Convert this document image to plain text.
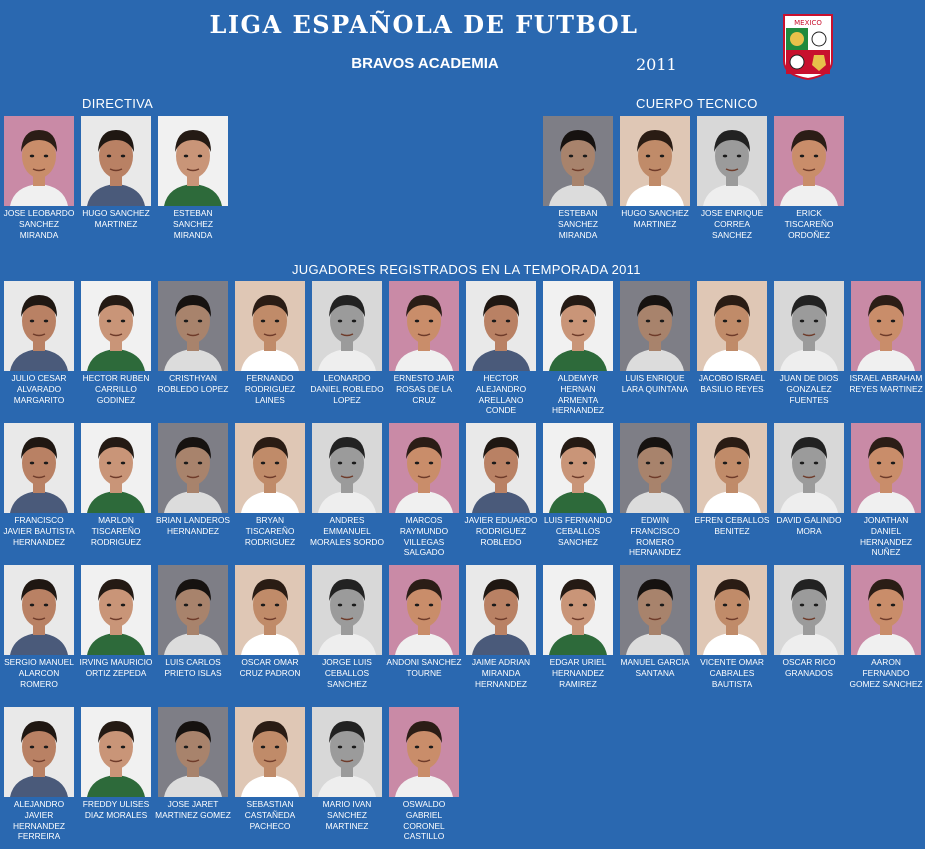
LIGA ESPAÑOLA DE FUTBOL
BRAVOS ACADEMIA	2011
MEXICO
DIRECTIVA	CUERPO TECNICO
JUGADORES REGISTRADOS EN LA TEMPORADA 2011
JOSE LEOBARDO SANCHEZ MIRANDA
HUGO SANCHEZ MARTINEZ
ESTEBAN SANCHEZ MIRANDA
ESTEBAN SANCHEZ MIRANDA
HUGO SANCHEZ MARTINEZ
JOSE ENRIQUE CORREA SANCHEZ
ERICK TISCAREÑO ORDOÑEZ
JULIO CESAR ALVARADO MARGARITO
HECTOR RUBEN CARRILLO GODINEZ
CRISTHYAN ROBLEDO LOPEZ
FERNANDO RODRIGUEZ LAINES
LEONARDO DANIEL ROBLEDO LOPEZ
ERNESTO JAIR ROSAS DE LA CRUZ
HECTOR ALEJANDRO ARELLANO CONDE
ALDEMYR HERNAN ARMENTA HERNANDEZ
LUIS ENRIQUE LARA QUINTANA
JACOBO ISRAEL BASILIO REYES
JUAN DE DIOS GONZALEZ FUENTES
ISRAEL ABRAHAM REYES MARTINEZ
FRANCISCO JAVIER BAUTISTA HERNANDEZ
MARLON TISCAREÑO RODRIGUEZ
BRIAN LANDEROS HERNANDEZ
BRYAN TISCAREÑO RODRIGUEZ
ANDRES EMMANUEL MORALES SORDO
MARCOS RAYMUNDO VILLEGAS SALGADO
JAVIER EDUARDO RODRIGUEZ ROBLEDO
LUIS FERNANDO CEBALLOS SANCHEZ
EDWIN FRANCISCO ROMERO HERNANDEZ
EFREN CEBALLOS BENITEZ
DAVID GALINDO MORA
JONATHAN DANIEL HERNANDEZ NUÑEZ
SERGIO MANUEL ALARCON ROMERO
IRVING MAURICIO ORTIZ ZEPEDA
LUIS CARLOS PRIETO ISLAS
OSCAR OMAR CRUZ PADRON
JORGE LUIS CEBALLOS SANCHEZ
ANDONI SANCHEZ TOURNE
JAIME ADRIAN MIRANDA HERNANDEZ
EDGAR URIEL HERNANDEZ RAMIREZ
MANUEL GARCIA SANTANA
VICENTE OMAR CABRALES BAUTISTA
OSCAR RICO GRANADOS
AARON FERNANDO GOMEZ SANCHEZ
ALEJANDRO JAVIER HERNANDEZ FERREIRA
FREDDY ULISES DIAZ MORALES
JOSE JARET MARTINEZ GOMEZ
SEBASTIAN CASTAÑEDA PACHECO
MARIO IVAN SANCHEZ MARTINEZ
OSWALDO GABRIEL CORONEL CASTILLO
